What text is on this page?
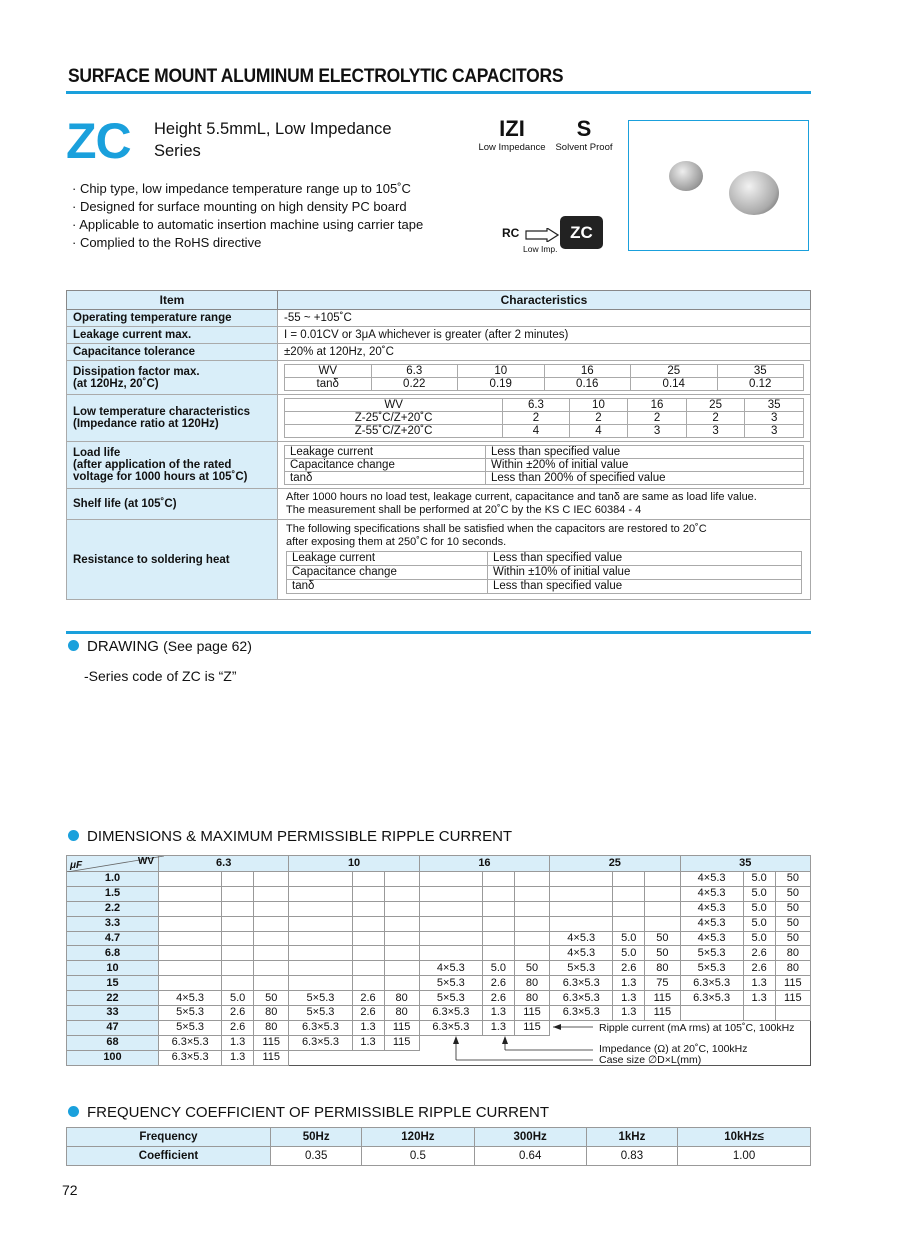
SURFACE MOUNT ALUMINUM ELECTROLYTIC CAPACITORS
ZC Height 5.5mmL, Low Impedance
Series
· Chip type, low impedance temperature range up to 105˚C
· Designed for surface mounting on high density PC board
· Applicable to automatic insertion machine using carrier tape
· Complied to the RoHS directive
IZI
Low Impedance
S
Solvent Proof
RC	ZC
Low Imp.
Item	Characteristics
Operating temperature range	-55 ~ +105˚C
Leakage current max.	I = 0.01CV or 3μA whichever is greater (after 2 minutes)
Capacitance tolerance	±20% at 120Hz, 20˚C

Dissipation factor max.
(at 120Hz, 20˚C)

WV	6.3	10	16	25	35
tanδ	0.22	0.19	0.16	0.14	0.12

Low temperature characteristics
(Impedance ratio at 120Hz)

WV	6.3	10	16	25	35
Z-25˚C/Z+20˚C	2	2	2	2	3
Z-55˚C/Z+20˚C	4	4	3	3	3

Load life
(after application of the rated
voltage for 1000 hours at 105˚C)

Leakage current	Less than specified value
Capacitance change	Within ±20% of initial value
tanδ	Less than 200% of specified value

Shelf life (at 105˚C)	
After 1000 hours no load test, leakage current, capacitance and tanδ are same as load life value.
The measurement shall be performed at 20˚C by the KS C IEC 60384 - 4

Resistance to soldering heat	
The following specifications shall be satisfied when the capacitors are restored to 20˚C
after exposing them at 250˚C for 10 seconds.
Leakage current	Less than specified value
Capacitance change	Within ±10% of initial value
tanδ	Less than specified value
DRAWING (See page 62)
-Series code of ZC is “Z”
DIMENSIONS & MAXIMUM PERMISSIBLE RIPPLE CURRENT
μF WV	6.3			10			16			25			35		
1.0													4×5.3	5.0	50
1.5													4×5.3	5.0	50
2.2													4×5.3	5.0	50
3.3													4×5.3	5.0	50
4.7										4×5.3	5.0	50	4×5.3	5.0	50
6.8										4×5.3	5.0	50	5×5.3	2.6	80
10							4×5.3	5.0	50	5×5.3	2.6	80	5×5.3	2.6	80
15							5×5.3	2.6	80	6.3×5.3	1.3	75	6.3×5.3	1.3	115
22	4×5.3	5.0	50	5×5.3	2.6	80	5×5.3	2.6	80	6.3×5.3	1.3	115	6.3×5.3	1.3	115
33	5×5.3	2.6	80	5×5.3	2.6	80	6.3×5.3	1.3	115	6.3×5.3	1.3	115			
47	5×5.3	2.6	80	6.3×5.3	1.3	115	6.3×5.3	1.3	115						
68	6.3×5.3	1.3	115	6.3×5.3	1.3	115									
100	6.3×5.3	1.3	115												
Ripple current (mA rms) at 105˚C, 100kHz
Impedance (Ω) at 20˚C, 100kHz
Case size ∅D×L(mm)
FREQUENCY COEFFICIENT OF PERMISSIBLE RIPPLE CURRENT
Frequency	50Hz	120Hz	300Hz	1kHz	10kHz≤
Coefficient	0.35	0.5	0.64	0.83	1.00
72
